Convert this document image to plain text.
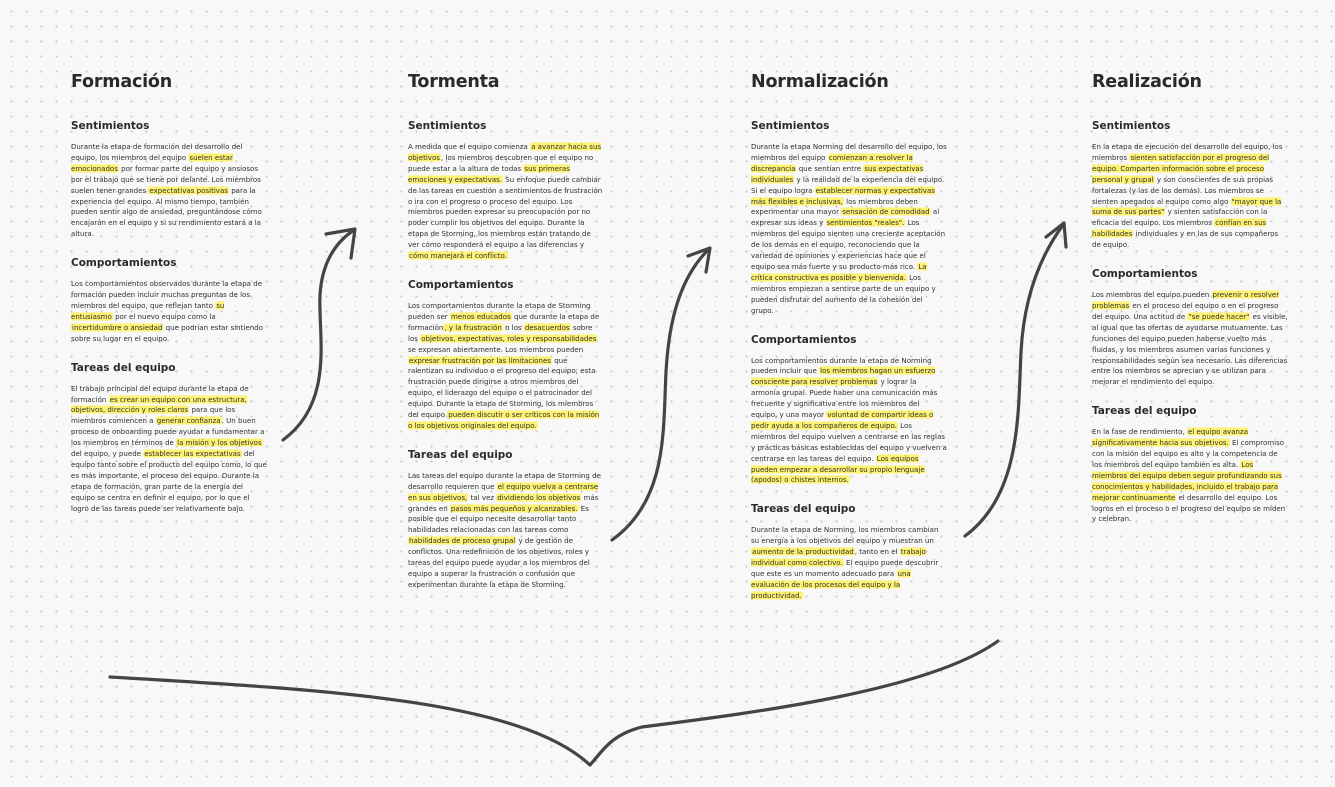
Formación
Sentimientos

Durante la etapa de formación del desarrollo del equipo, los miembros del equipo suelen estar emocionados por formar parte del equipo y ansiosos por el trabajo que se tiene por delante. Los miembros suelen tener grandes expectativas positivas para la experiencia del equipo. Al mismo tiempo, también pueden sentir algo de ansiedad, preguntándose cómo encajarán en el equipo y si su rendimiento estará a la altura.

Comportamientos

Los comportamientos observados durante la etapa de formación pueden incluir muchas preguntas de los miembros del equipo, que reflejan tanto su entusiasmo por el nuevo equipo como la incertidumbre o ansiedad que podrían estar sintiendo sobre su lugar en el equipo.

Tareas del equipo

El trabajo principal del equipo durante la etapa de formación es crear un equipo con una estructura, objetivos, dirección y roles claros para que los miembros comiencen a generar confianza. Un buen proceso de onboarding puede ayudar a fundamentar a los miembros en términos de la misión y los objetivos del equipo, y puede establecer las expectativas del equipo tanto sobre el producto del equipo como, lo que es más importante, el proceso del equipo. Durante la etapa de formación, gran parte de la energía del equipo se centra en definir el equipo, por lo que el logro de las tareas puede ser relativamente bajo.

Tormenta
Sentimientos

A medida que el equipo comienza a avanzar hacia sus objetivos, los miembros descubren que el equipo no puede estar a la altura de todas sus primeras emociones y expectativas. Su enfoque puede cambiar de las tareas en cuestión a sentimientos de frustración o ira con el progreso o proceso del equipo. Los miembros pueden expresar su preocupación por no poder cumplir los objetivos del equipo. Durante la etapa de Storming, los miembros están tratando de ver cómo responderá el equipo a las diferencias y cómo manejará el conflicto.

Comportamientos

Los comportamientos durante la etapa de Storming pueden ser menos educados que durante la etapa de formación, y la frustración o los desacuerdos sobre los objetivos, expectativas, roles y responsabilidades se expresan abiertamente. Los miembros pueden expresar frustración por las limitaciones que ralentizan su individuo o el progreso del equipo; esta frustración puede dirigirse a otros miembros del equipo, el liderazgo del equipo o el patrocinador del equipo. Durante la etapa de Storming, los miembros del equipo pueden discutir o ser críticos con la misión o los objetivos originales del equipo.

Tareas del equipo

Las tareas del equipo durante la etapa de Storming de desarrollo requieren que el equipo vuelva a centrarse en sus objetivos, tal vez dividiendo los objetivos más grandes en pasos más pequeños y alcanzables. Es posible que el equipo necesite desarrollar tanto habilidades relacionadas con las tareas como habilidades de proceso grupal y de gestión de conflictos. Una redefinición de los objetivos, roles y tareas del equipo puede ayudar a los miembros del equipo a superar la frustración o confusión que experimentan durante la etapa de Storming.

Normalización
Sentimientos

Durante la etapa Norming del desarrollo del equipo, los miembros del equipo comienzan a resolver la discrepancia que sentían entre sus expectativas individuales y la realidad de la experiencia del equipo. Si el equipo logra establecer normas y expectativas más flexibles e inclusivas, los miembros deben experimentar una mayor sensación de comodidad al expresar sus ideas y sentimientos "reales". Los miembros del equipo sienten una creciente aceptación de los demás en el equipo, reconociendo que la variedad de opiniones y experiencias hace que el equipo sea más fuerte y su producto más rico. La crítica constructiva es posible y bienvenida. Los miembros empiezan a sentirse parte de un equipo y pueden disfrutar del aumento de la cohesión del grupo.

Comportamientos

Los comportamientos durante la etapa de Norming pueden incluir que los miembros hagan un esfuerzo consciente para resolver problemas y lograr la armonía grupal. Puede haber una comunicación más frecuente y significativa entre los miembros del equipo, y una mayor voluntad de compartir ideas o pedir ayuda a los compañeros de equipo. Los miembros del equipo vuelven a centrarse en las reglas y prácticas básicas establecidas del equipo y vuelven a centrarse en las tareas del equipo. Los equipos pueden empezar a desarrollar su propio lenguaje (apodos) o chistes internos.

Tareas del equipo

Durante la etapa de Norming, los miembros cambian su energía a los objetivos del equipo y muestran un aumento de la productividad, tanto en el trabajo individual como colectivo. El equipo puede descubrir que este es un momento adecuado para una evaluación de los procesos del equipo y la productividad.

Realización
Sentimientos

En la etapa de ejecución del desarrollo del equipo, los miembros sienten satisfacción por el progreso del equipo. Comparten información sobre el proceso personal y grupal y son conscientes de sus propias fortalezas (y las de los demás). Los miembros se sienten apegados al equipo como algo "mayor que la suma de sus partes" y sienten satisfacción con la eficacia del equipo. Los miembros confían en sus habilidades individuales y en las de sus compañeros de equipo.

Comportamientos

Los miembros del equipo pueden prevenir o resolver problemas en el proceso del equipo o en el progreso del equipo. Una actitud de "se puede hacer" es visible, al igual que las ofertas de ayudarse mutuamente. Las funciones del equipo pueden haberse vuelto más fluidas, y los miembros asumen varias funciones y responsabilidades según sea necesario. Las diferencias entre los miembros se aprecian y se utilizan para mejorar el rendimiento del equipo.

Tareas del equipo

En la fase de rendimiento, el equipo avanza significativamente hacia sus objetivos. El compromiso con la misión del equipo es alto y la competencia de los miembros del equipo también es alta. Los miembros del equipo deben seguir profundizando sus conocimientos y habilidades, incluido el trabajo para mejorar continuamente el desarrollo del equipo. Los logros en el proceso o el progreso del equipo se miden y celebran.
